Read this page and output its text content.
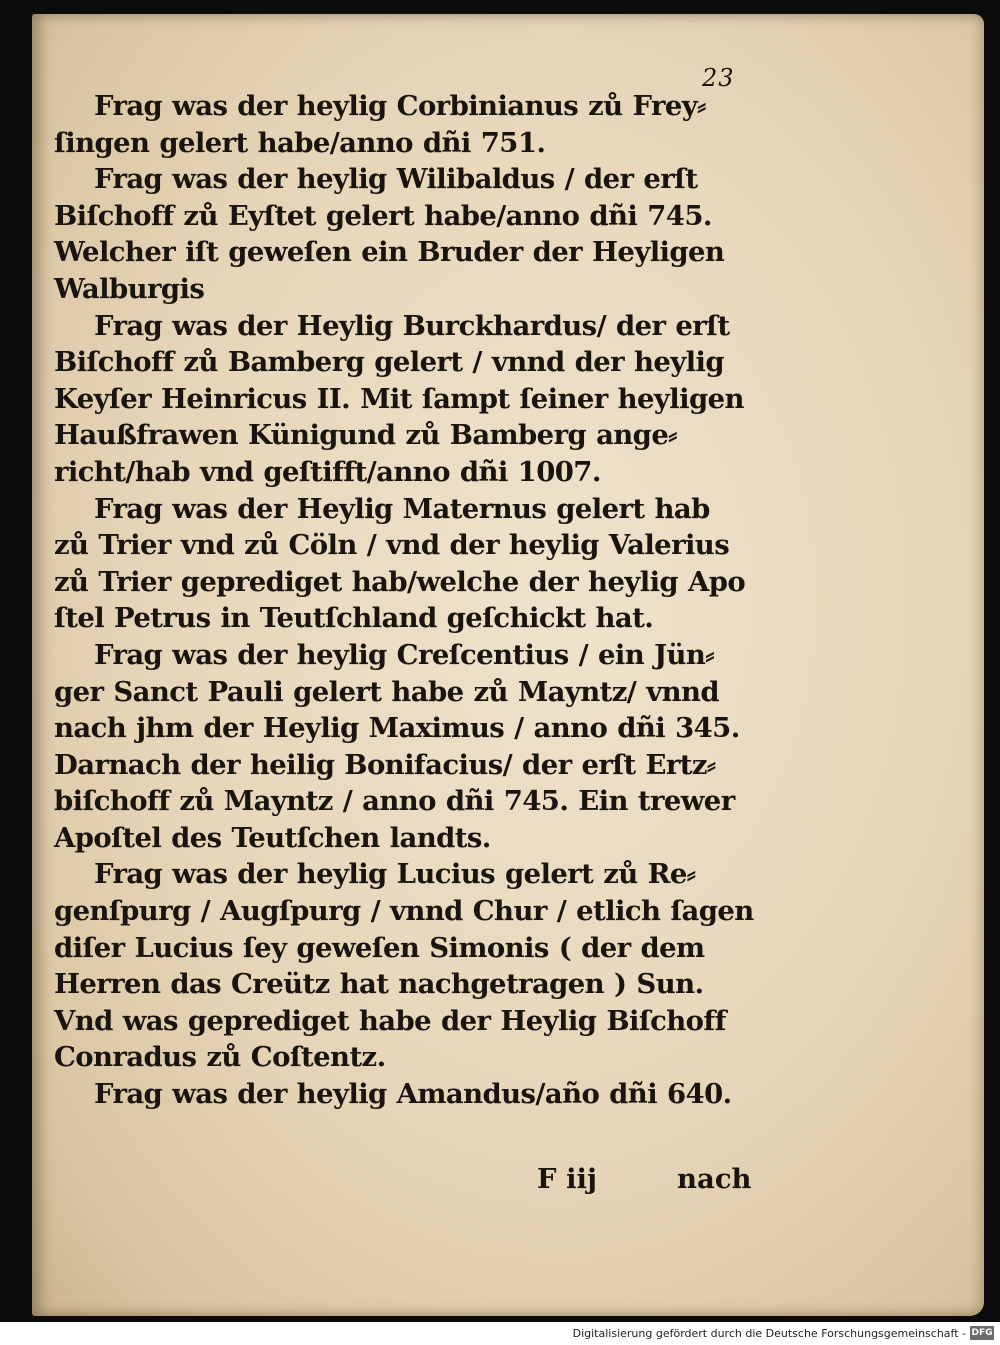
23
Frag was der heylig Corbinianus zů Frey⸗
ſingen gelert habe/anno dñi 751.
Frag was der heylig Wilibaldus / der erſt
Biſchoff zů Eyſtet gelert habe/anno dñi 745.
Welcher iſt geweſen ein Bruder der Heyligen
Walburgis
Frag was der Heylig Burckhardus/ der erſt
Biſchoff zů Bamberg gelert / vnnd der heylig
Keyſer Heinricus II. Mit ſampt ſeiner heyligen
Haußfrawen Künigund zů Bamberg ange⸗
richt/hab vnd geſtifft/anno dñi 1007.
Frag was der Heylig Maternus gelert hab
zů Trier vnd zů Cöln / vnd der heylig Valerius
zů Trier geprediget hab/welche der heylig Apo
ſtel Petrus in Teutſchland geſchickt hat.
Frag was der heylig Creſcentius / ein Jün⸗
ger Sanct Pauli gelert habe zů Mayntz/ vnnd
nach jhm der Heylig Maximus / anno dñi 345.
Darnach der heilig Bonifacius/ der erſt Ertz⸗
biſchoff zů Mayntz / anno dñi 745. Ein trewer
Apoſtel des Teutſchen landts.
Frag was der heylig Lucius gelert zů Re⸗
genſpurg / Augſpurg / vnnd Chur / etlich ſagen
diſer Lucius ſey geweſen Simonis ( der dem
Herren das Creütz hat nachgetragen ) Sun.
Vnd was geprediget habe der Heylig Biſchoff
Conradus zů Coſtentz.
Frag was der heylig Amandus/año dñi 640.
F iij	nach
Digitalisierung gefördert durch die Deutsche Forschungsgemeinschaft - DFG
